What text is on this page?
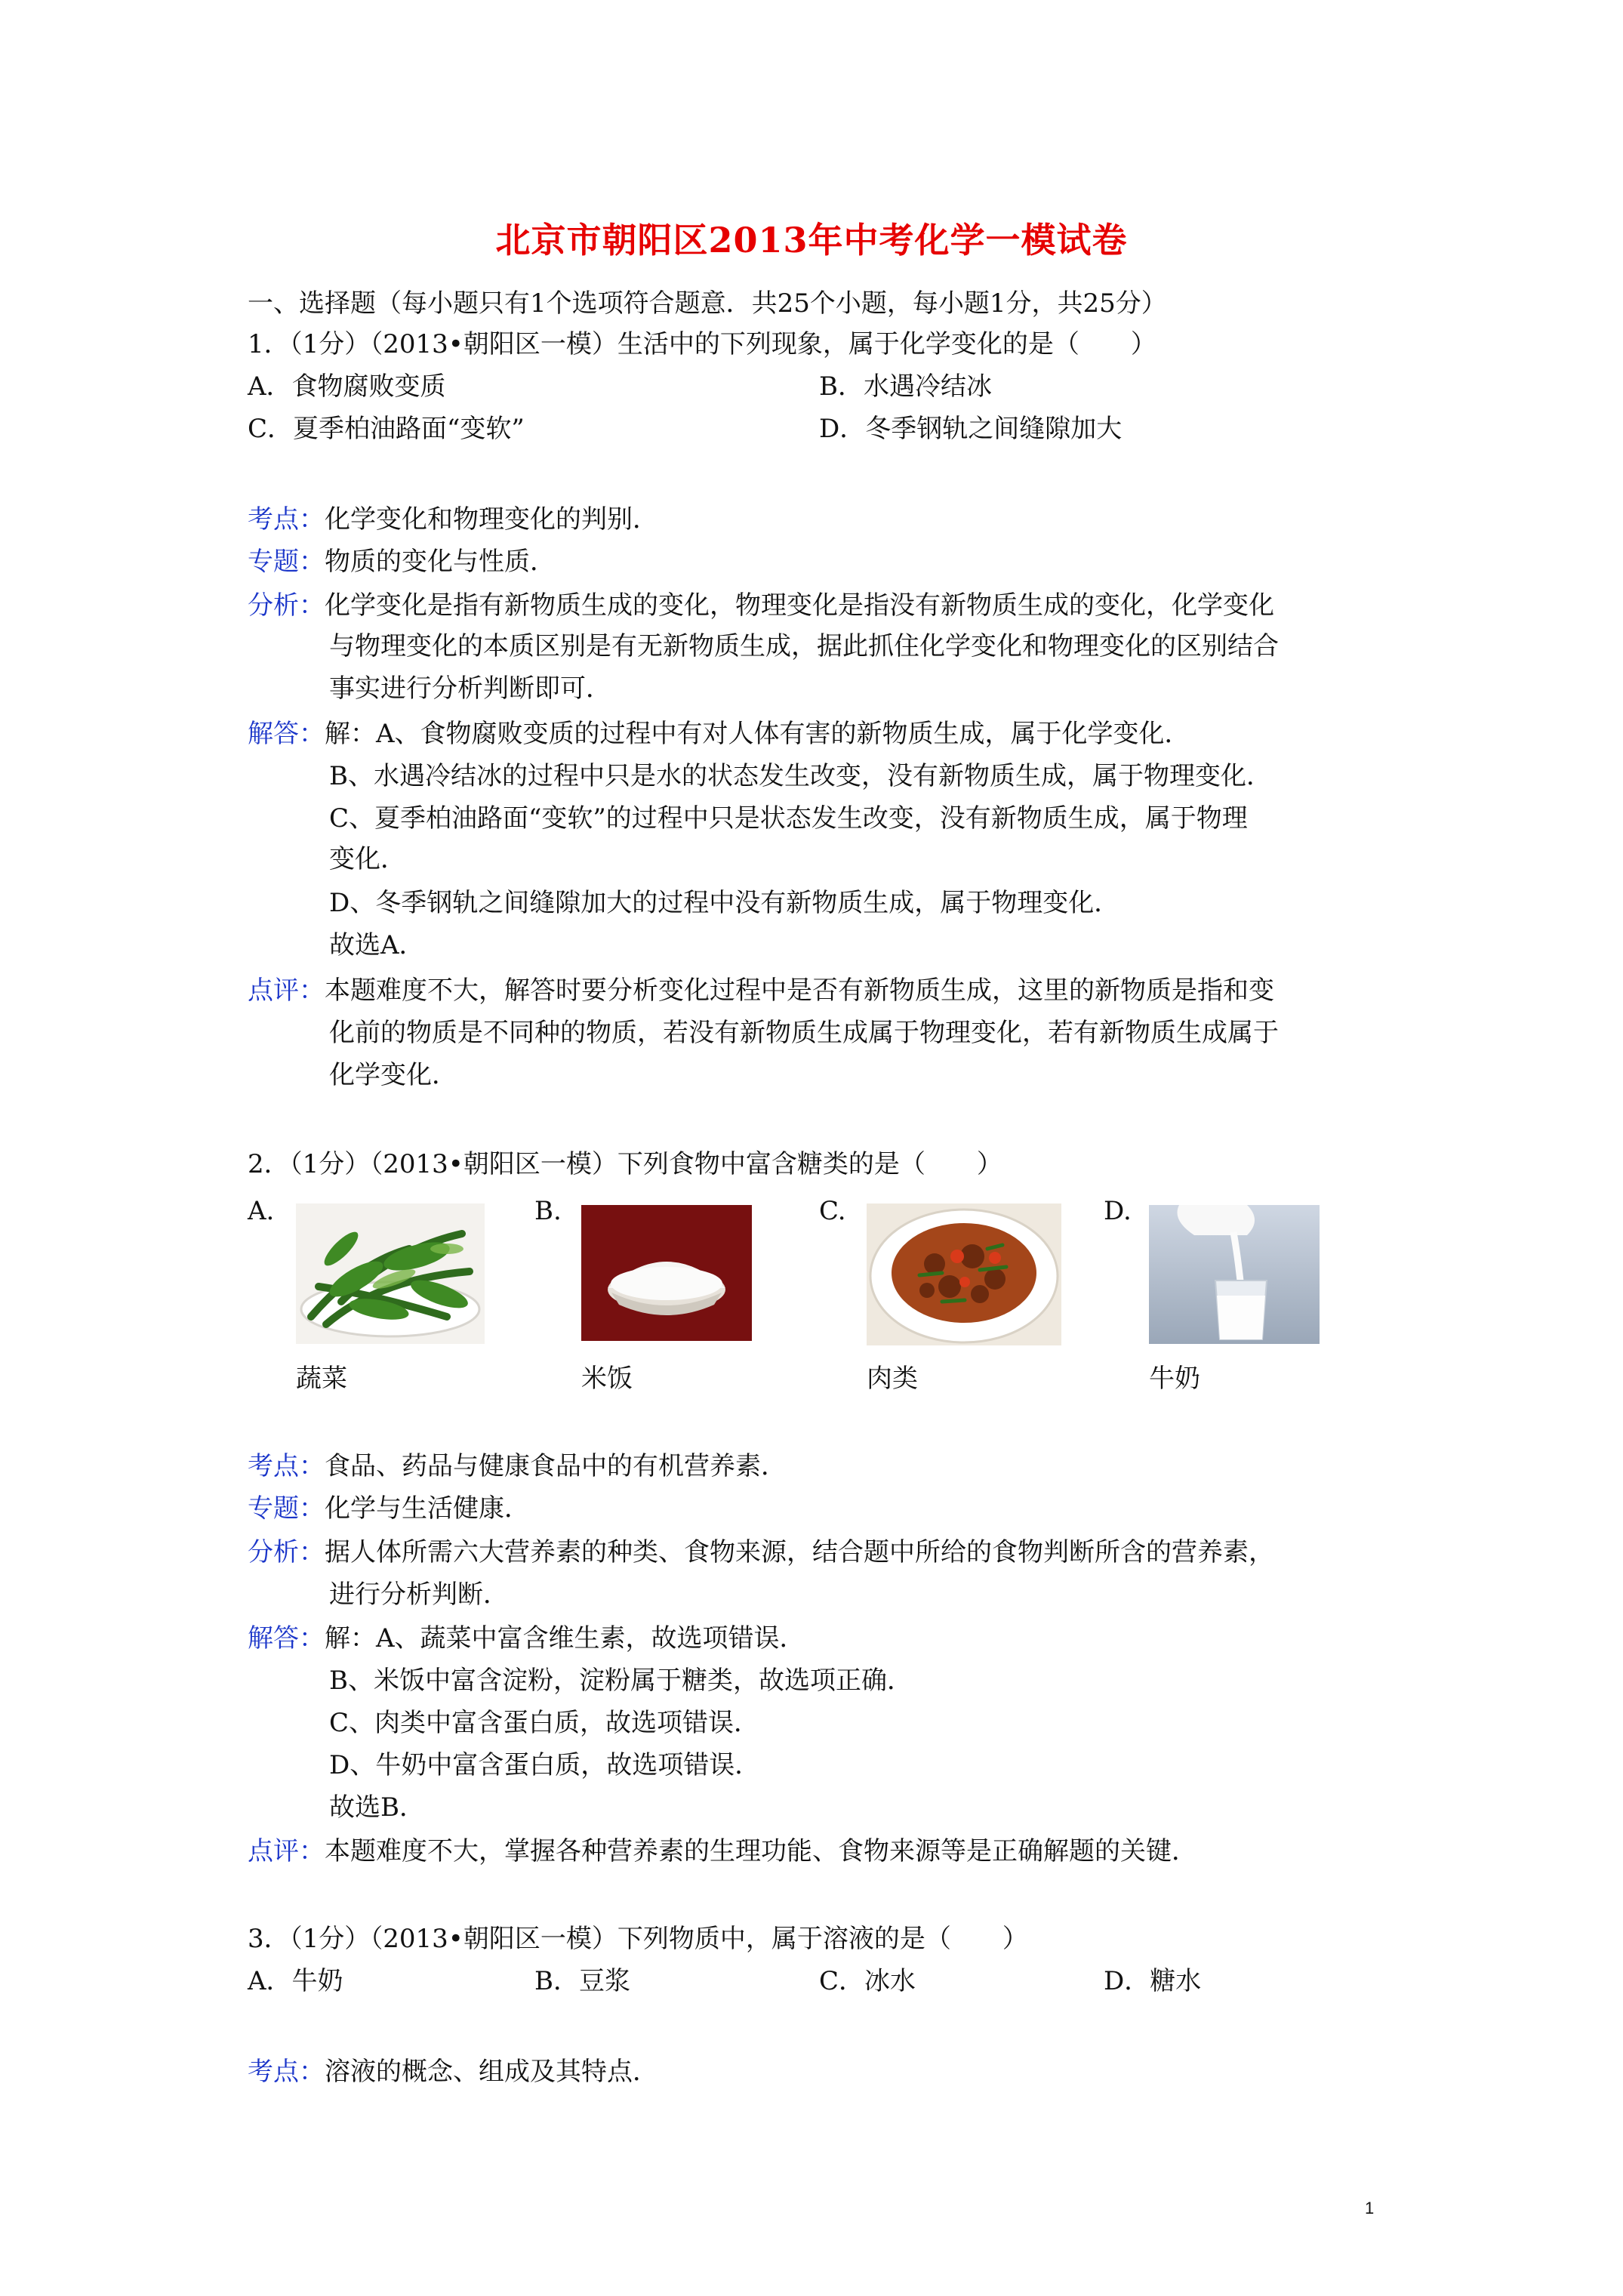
北京市朝阳区2013年中考化学一模试卷
一、选择题（每小题只有1个选项符合题意．共25个小题，每小题1分，共25分）
1．（1分）（2013•朝阳区一模）生活中的下列现象，属于化学变化的是（　　）
A．食物腐败变质	B．水遇冷结冰
C．夏季柏油路面“变软”	D．冬季钢轨之间缝隙加大
考点：化学变化和物理变化的判别．
专题：物质的变化与性质．
分析：化学变化是指有新物质生成的变化，物理变化是指没有新物质生成的变化，化学变化
与物理变化的本质区别是有无新物质生成，据此抓住化学变化和物理变化的区别结合
事实进行分析判断即可．
解答：解：A、食物腐败变质的过程中有对人体有害的新物质生成，属于化学变化．
B、水遇冷结冰的过程中只是水的状态发生改变，没有新物质生成，属于物理变化．
C、夏季柏油路面“变软”的过程中只是状态发生改变，没有新物质生成，属于物理
变化．
D、冬季钢轨之间缝隙加大的过程中没有新物质生成，属于物理变化．
故选A．
点评：本题难度不大，解答时要分析变化过程中是否有新物质生成，这里的新物质是指和变
化前的物质是不同种的物质，若没有新物质生成属于物理变化，若有新物质生成属于
化学变化．
2．（1分）（2013•朝阳区一模）下列食物中富含糖类的是（　　）
A.	B.	C.	D.
蔬菜	米饭	肉类	牛奶
考点：食品、药品与健康食品中的有机营养素．
专题：化学与生活健康．
分析：据人体所需六大营养素的种类、食物来源，结合题中所给的食物判断所含的营养素，
进行分析判断．
解答：解：A、蔬菜中富含维生素，故选项错误．
B、米饭中富含淀粉，淀粉属于糖类，故选项正确．
C、肉类中富含蛋白质，故选项错误．
D、牛奶中富含蛋白质，故选项错误．
故选B．
点评：本题难度不大，掌握各种营养素的生理功能、食物来源等是正确解题的关键．
3．（1分）（2013•朝阳区一模）下列物质中，属于溶液的是（　　）
A．牛奶	B．豆浆	C．冰水	D．糖水
考点：溶液的概念、组成及其特点．
1
